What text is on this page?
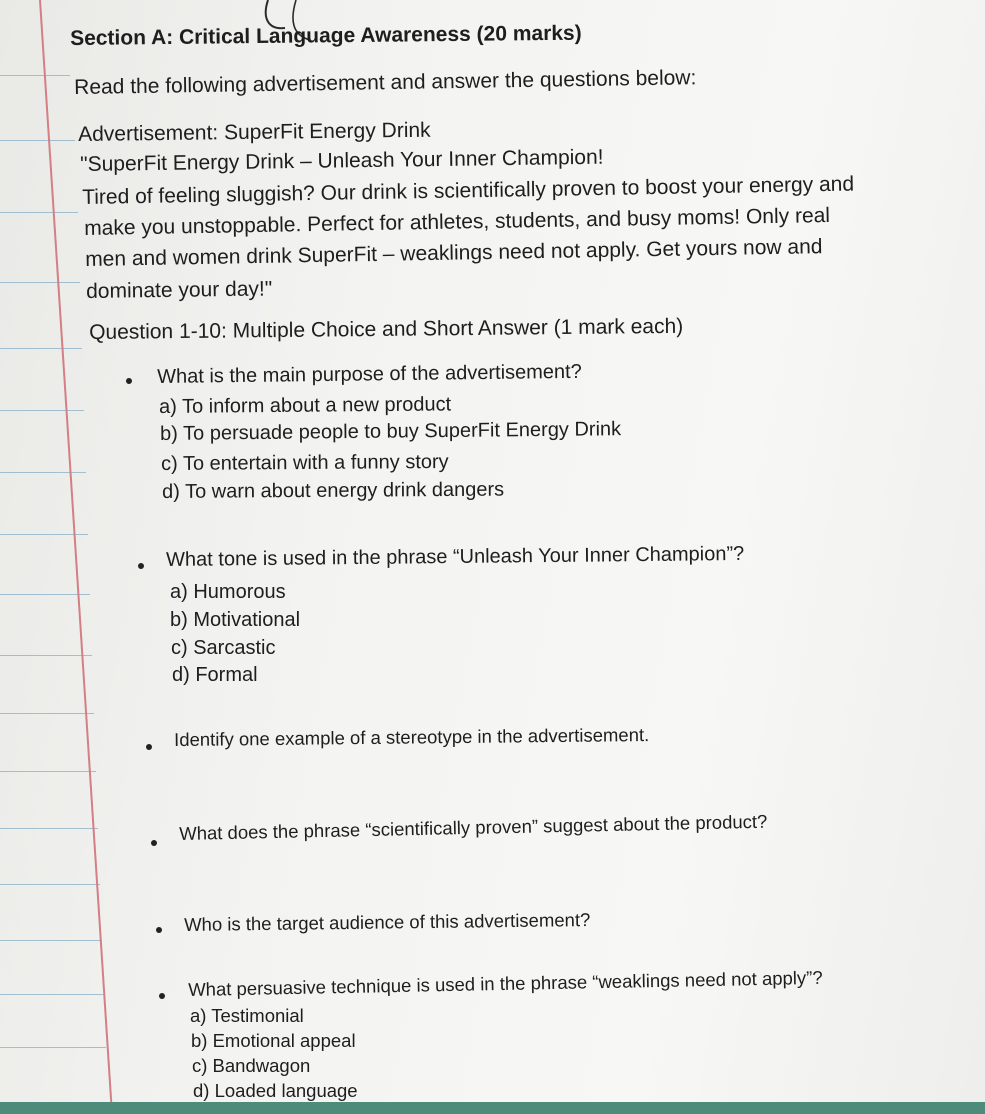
Section A: Critical Language Awareness (20 marks)
Read the following advertisement and answer the questions below:
Advertisement: SuperFit Energy Drink
"SuperFit Energy Drink – Unleash Your Inner Champion!
Tired of feeling sluggish? Our drink is scientifically proven to boost your energy and
make you unstoppable. Perfect for athletes, students, and busy moms! Only real
men and women drink SuperFit – weaklings need not apply. Get yours now and
dominate your day!"
Question 1-10: Multiple Choice and Short Answer (1 mark each)
What is the main purpose of the advertisement?
a) To inform about a new product
b) To persuade people to buy SuperFit Energy Drink
c) To entertain with a funny story
d) To warn about energy drink dangers
What tone is used in the phrase “Unleash Your Inner Champion”?
a) Humorous
b) Motivational
c) Sarcastic
d) Formal
Identify one example of a stereotype in the advertisement.
What does the phrase “scientifically proven” suggest about the product?
Who is the target audience of this advertisement?
What persuasive technique is used in the phrase “weaklings need not apply”?
a) Testimonial
b) Emotional appeal
c) Bandwagon
d) Loaded language
